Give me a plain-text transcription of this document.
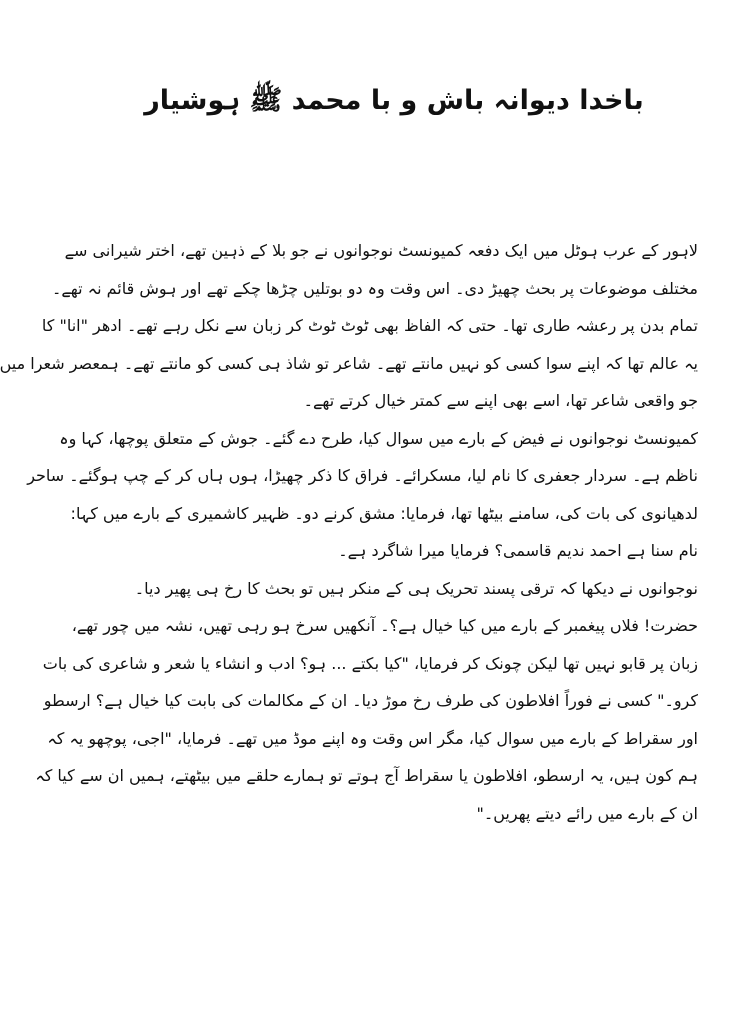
باخدا دیوانہ باش و با محمد ﷺ ہوشیار
لاہور کے عرب ہوٹل میں ایک دفعہ کمیونسٹ نوجوانوں نے جو بلا کے ذہین تھے، اختر شیرانی سے
مختلف موضوعات پر بحث چھیڑ دی۔ اس وقت وہ دو بوتلیں چڑھا چکے تھے اور ہوش قائم نہ تھے۔
تمام بدن پر رعشہ طاری تھا۔ حتی کہ الفاظ بھی ٹوٹ ٹوٹ کر زبان سے نکل رہے تھے۔ ادھر "انا" کا
یہ عالم تھا کہ اپنے سوا کسی کو نہیں مانتے تھے۔ شاعر تو شاذ ہی کسی کو مانتے تھے۔ ہمعصر شعرا میں
جو واقعی شاعر تھا، اسے بھی اپنے سے کمتر خیال کرتے تھے۔
کمیونسٹ نوجوانوں نے فیض کے بارے میں سوال کیا، طرح دے گئے۔ جوش کے متعلق پوچھا، کہا وہ
ناظم ہے۔ سردار جعفری کا نام لیا، مسکرائے۔ فراق کا ذکر چھیڑا، ہوں ہاں کر کے چپ ہوگئے۔ ساحر
لدھیانوی کی بات کی، سامنے بیٹھا تھا، فرمایا: مشق کرنے دو۔ ظہیر کاشمیری کے بارے میں کہا:
نام سنا ہے احمد ندیم قاسمی؟ فرمایا میرا شاگرد ہے۔
نوجوانوں نے دیکھا کہ ترقی پسند تحریک ہی کے منکر ہیں تو بحث کا رخ ہی پھیر دیا۔
حضرت! فلاں پیغمبر کے بارے میں کیا خیال ہے؟۔ آنکھیں سرخ ہو رہی تھیں، نشہ میں چور تھے،
زبان پر قابو نہیں تھا لیکن چونک کر فرمایا، "کیا بکتے ... ہو؟ ادب و انشاء یا شعر و شاعری کی بات
کرو۔" کسی نے فوراً افلاطون کی طرف رخ موڑ دیا۔ ان کے مکالمات کی بابت کیا خیال ہے؟ ارسطو
اور سقراط کے بارے میں سوال کیا، مگر اس وقت وہ اپنے موڈ میں تھے۔ فرمایا، "اجی، پوچھو یہ کہ
ہم کون ہیں، یہ ارسطو، افلاطون یا سقراط آج ہوتے تو ہمارے حلقے میں بیٹھتے، ہمیں ان سے کیا کہ
ان کے بارے میں رائے دیتے پھریں۔"
